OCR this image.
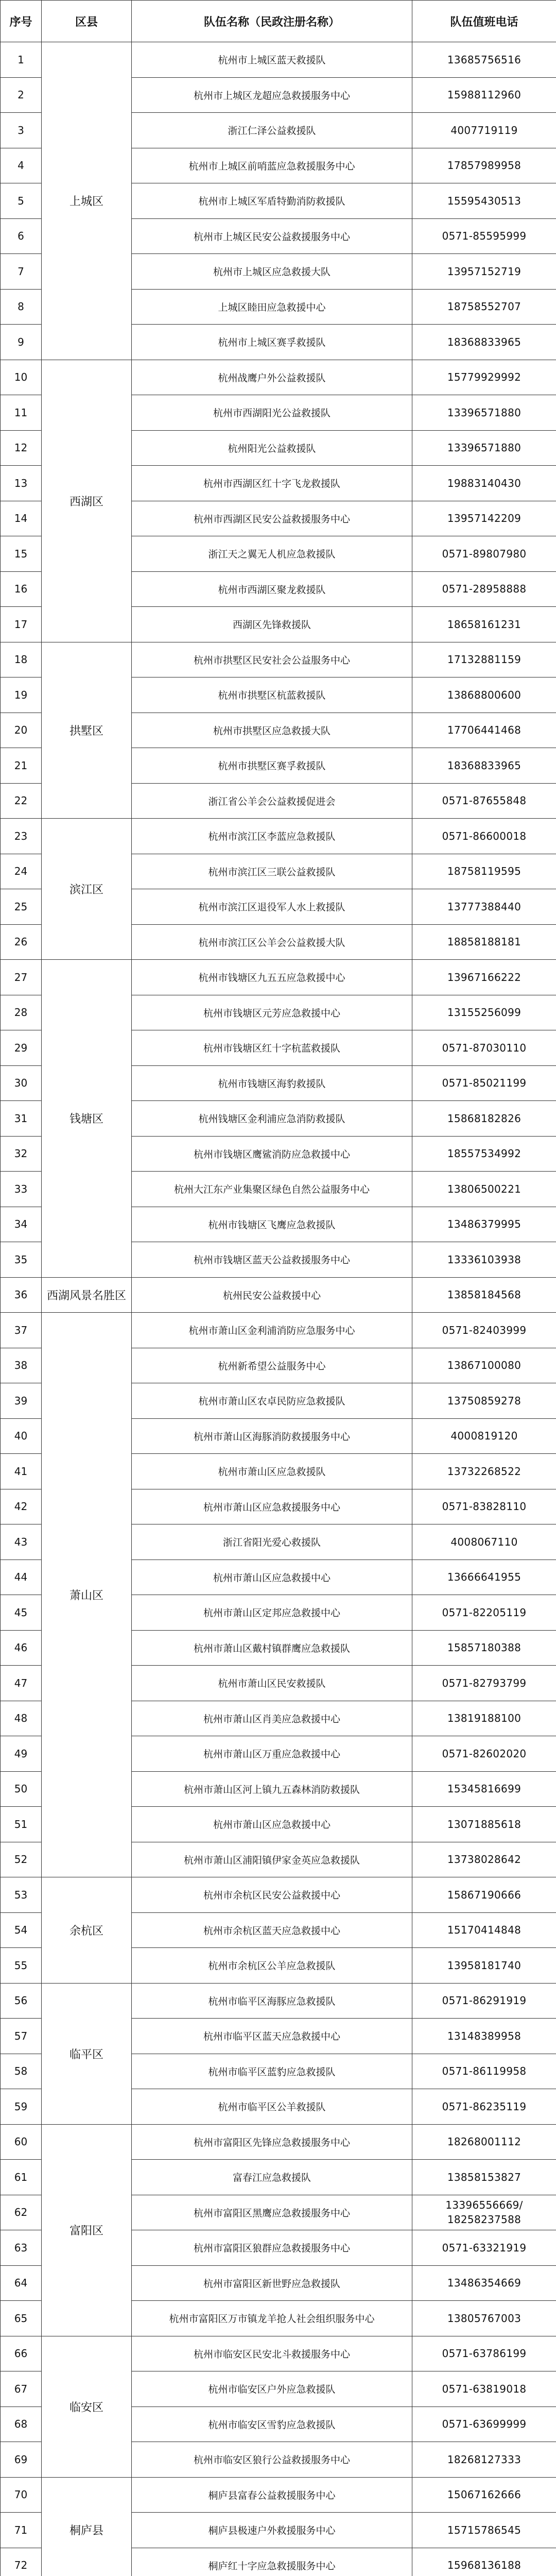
序号	区县	队伍名称（民政注册名称）	队伍值班电话
1	上城区	杭州市上城区蓝天救援队	13685756516
2		杭州市上城区龙超应急救援服务中心	15988112960
3		浙江仁泽公益救援队	4007719119
4		杭州市上城区前哨蓝应急救援服务中心	17857989958
5		杭州市上城区军盾特勤消防救援队	15595430513
6		杭州市上城区民安公益救援服务中心	0571-85595999
7		杭州市上城区应急救援大队	13957152719
8		上城区睦田应急救援中心	18758552707
9		杭州市上城区赛孚救援队	18368833965
10	西湖区	杭州战鹰户外公益救援队	15779929992
11		杭州市西湖阳光公益救援队	13396571880
12		杭州阳光公益救援队	13396571880
13		杭州市西湖区红十字飞龙救援队	19883140430
14		杭州市西湖区民安公益救援服务中心	13957142209
15		浙江天之翼无人机应急救援队	0571-89807980
16		杭州市西湖区聚龙救援队	0571-28958888
17		西湖区先锋救援队	18658161231
18	拱墅区	杭州市拱墅区民安社会公益服务中心	17132881159
19		杭州市拱墅区杭蓝救援队	13868800600
20		杭州市拱墅区应急救援大队	17706441468
21		杭州市拱墅区赛孚救援队	18368833965
22		浙江省公羊会公益救援促进会	0571-87655848
23	滨江区	杭州市滨江区李蓝应急救援队	0571-86600018
24		杭州市滨江区三联公益救援队	18758119595
25		杭州市滨江区退役军人水上救援队	13777388440
26		杭州市滨江区公羊会公益救援大队	18858188181
27	钱塘区	杭州市钱塘区九五五应急救援中心	13967166222
28		杭州市钱塘区元芳应急救援中心	13155256099
29		杭州市钱塘区红十字杭蓝救援队	0571-87030110
30		杭州市钱塘区海豹救援队	0571-85021199
31		杭州钱塘区金利浦应急消防救援队	15868182826
32		杭州市钱塘区鹰鲨消防应急救援中心	18557534992
33		杭州大江东产业集聚区绿色自然公益服务中心	13806500221
34		杭州市钱塘区飞鹰应急救援队	13486379995
35		杭州市钱塘区蓝天公益救援服务中心	13336103938
36	西湖风景名胜区	杭州民安公益救援中心	13858184568
37	萧山区	杭州市萧山区金利浦消防应急服务中心	0571-82403999
38		杭州新希望公益服务中心	13867100080
39		杭州市萧山区农卓民防应急救援队	13750859278
40		杭州市萧山区海豚消防救援服务中心	4000819120
41		杭州市萧山区应急救援队	13732268522
42		杭州市萧山区应急救援服务中心	0571-83828110
43		浙江省阳光爱心救援队	4008067110
44		杭州市萧山区应急救援中心	13666641955
45		杭州市萧山区定邦应急救援中心	0571-82205119
46		杭州市萧山区戴村镇群鹰应急救援队	15857180388
47		杭州市萧山区民安救援队	0571-82793799
48		杭州市萧山区肖美应急救援中心	13819188100
49		杭州市萧山区万重应急救援中心	0571-82602020
50		杭州市萧山区河上镇九五森林消防救援队	15345816699
51		杭州市萧山区应急救援中心	13071885618
52		杭州市萧山区浦阳镇伊家金英应急救援队	13738028642
53	余杭区	杭州市余杭区民安公益救援中心	15867190666
54		杭州市余杭区蓝天应急救援中心	15170414848
55		杭州市余杭区公羊应急救援队	13958181740
56	临平区	杭州市临平区海豚应急救援队	0571-86291919
57		杭州市临平区蓝天应急救援中心	13148389958
58		杭州市临平区蓝豹应急救援队	0571-86119958
59		杭州市临平区公羊救援队	0571-86235119
60	富阳区	杭州市富阳区先锋应急救援服务中心	18268001112
61		富春江应急救援队	13858153827
62		杭州市富阳区黑鹰应急救援服务中心	13396556669/
18258237588

63		杭州市富阳区狼群应急救援服务中心	0571-63321919
64		杭州市富阳区新世野应急救援队	13486354669
65		杭州市富阳区万市镇龙羊抢人社会组织服务中心	13805767003
66	临安区	杭州市临安区民安北斗救援服务中心	0571-63786199
67		杭州市临安区户外应急救援队	0571-63819018
68		杭州市临安区雪豹应急救援队	0571-63699999
69		杭州市临安区狼行公益救援服务中心	18268127333
70	桐庐县	桐庐县富春公益救援服务中心	15067162666
71		桐庐县极速户外救援服务中心	15715786545
72		桐庐红十字应急救援服务中心	15968136188
